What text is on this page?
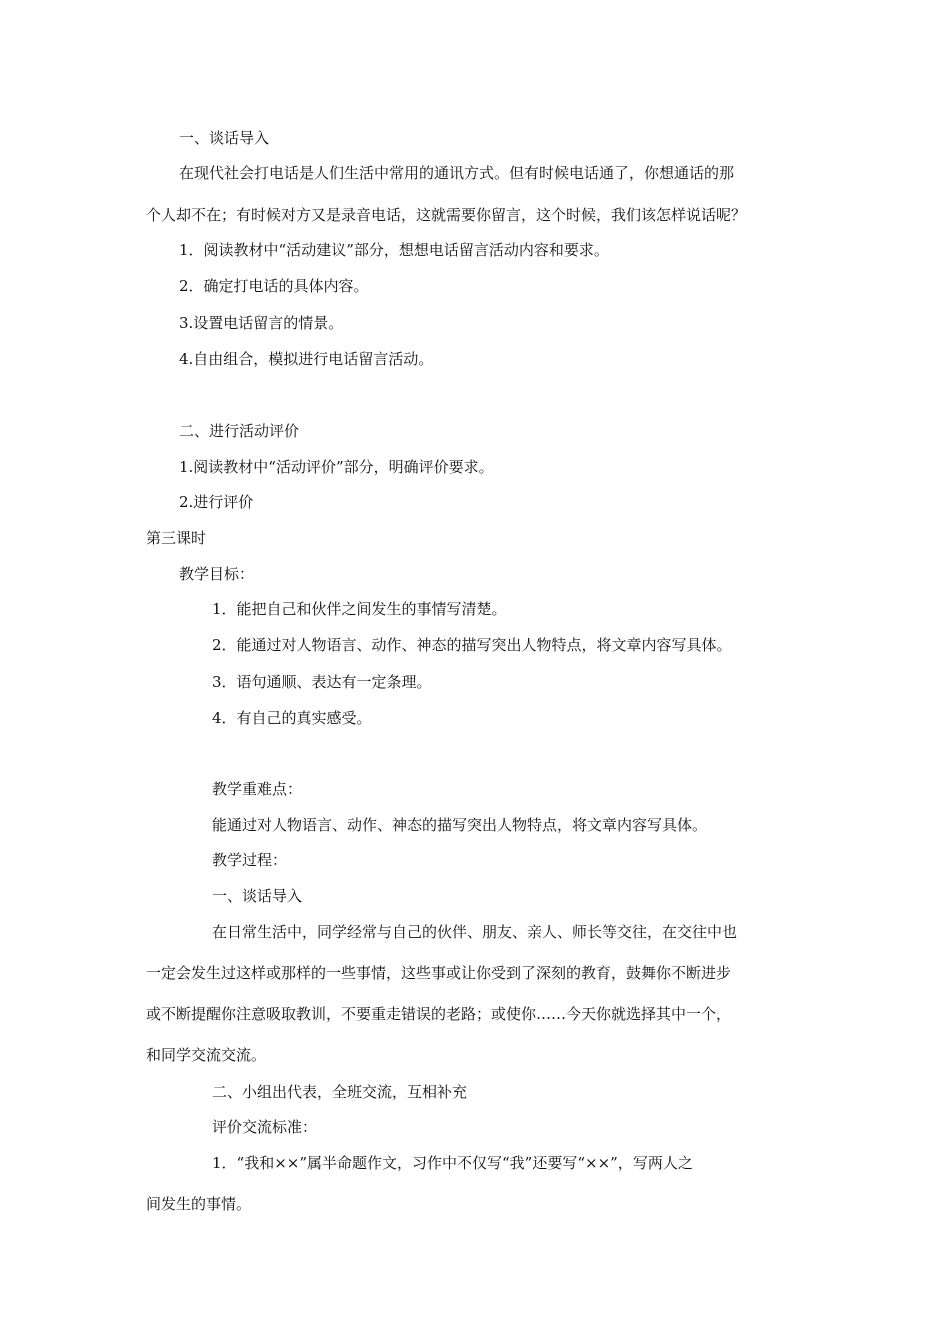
一、谈话导入

在现代社会打电话是人们生活中常用的通讯方式。但有时候电话通了，你想通话的那

个人却不在；有时候对方又是录音电话，这就需要你留言，这个时候，我们该怎样说话呢？

1．阅读教材中“活动建议”部分，想想电话留言活动内容和要求。

2．确定打电话的具体内容。

3.设置电话留言的情景。

4.自由组合，模拟进行电话留言活动。

二、进行活动评价

1.阅读教材中“活动评价”部分，明确评价要求。

2.进行评价

第三课时

教学目标：

1．能把自己和伙伴之间发生的事情写清楚。

2．能通过对人物语言、动作、神态的描写突出人物特点，将文章内容写具体。

3．语句通顺、表达有一定条理。

4．有自己的真实感受。

教学重难点：

能通过对人物语言、动作、神态的描写突出人物特点，将文章内容写具体。

教学过程：

一、谈话导入

在日常生活中，同学经常与自己的伙伴、朋友、亲人、师长等交往，在交往中也

一定会发生过这样或那样的一些事情，这些事或让你受到了深刻的教育，鼓舞你不断进步

或不断提醒你注意吸取教训，不要重走错误的老路；或使你……今天你就选择其中一个，

和同学交流交流。

二、小组出代表，全班交流，互相补充

评价交流标准：

1．“我和××”属半命题作文，习作中不仅写“我”还要写“××”，写两人之

间发生的事情。
